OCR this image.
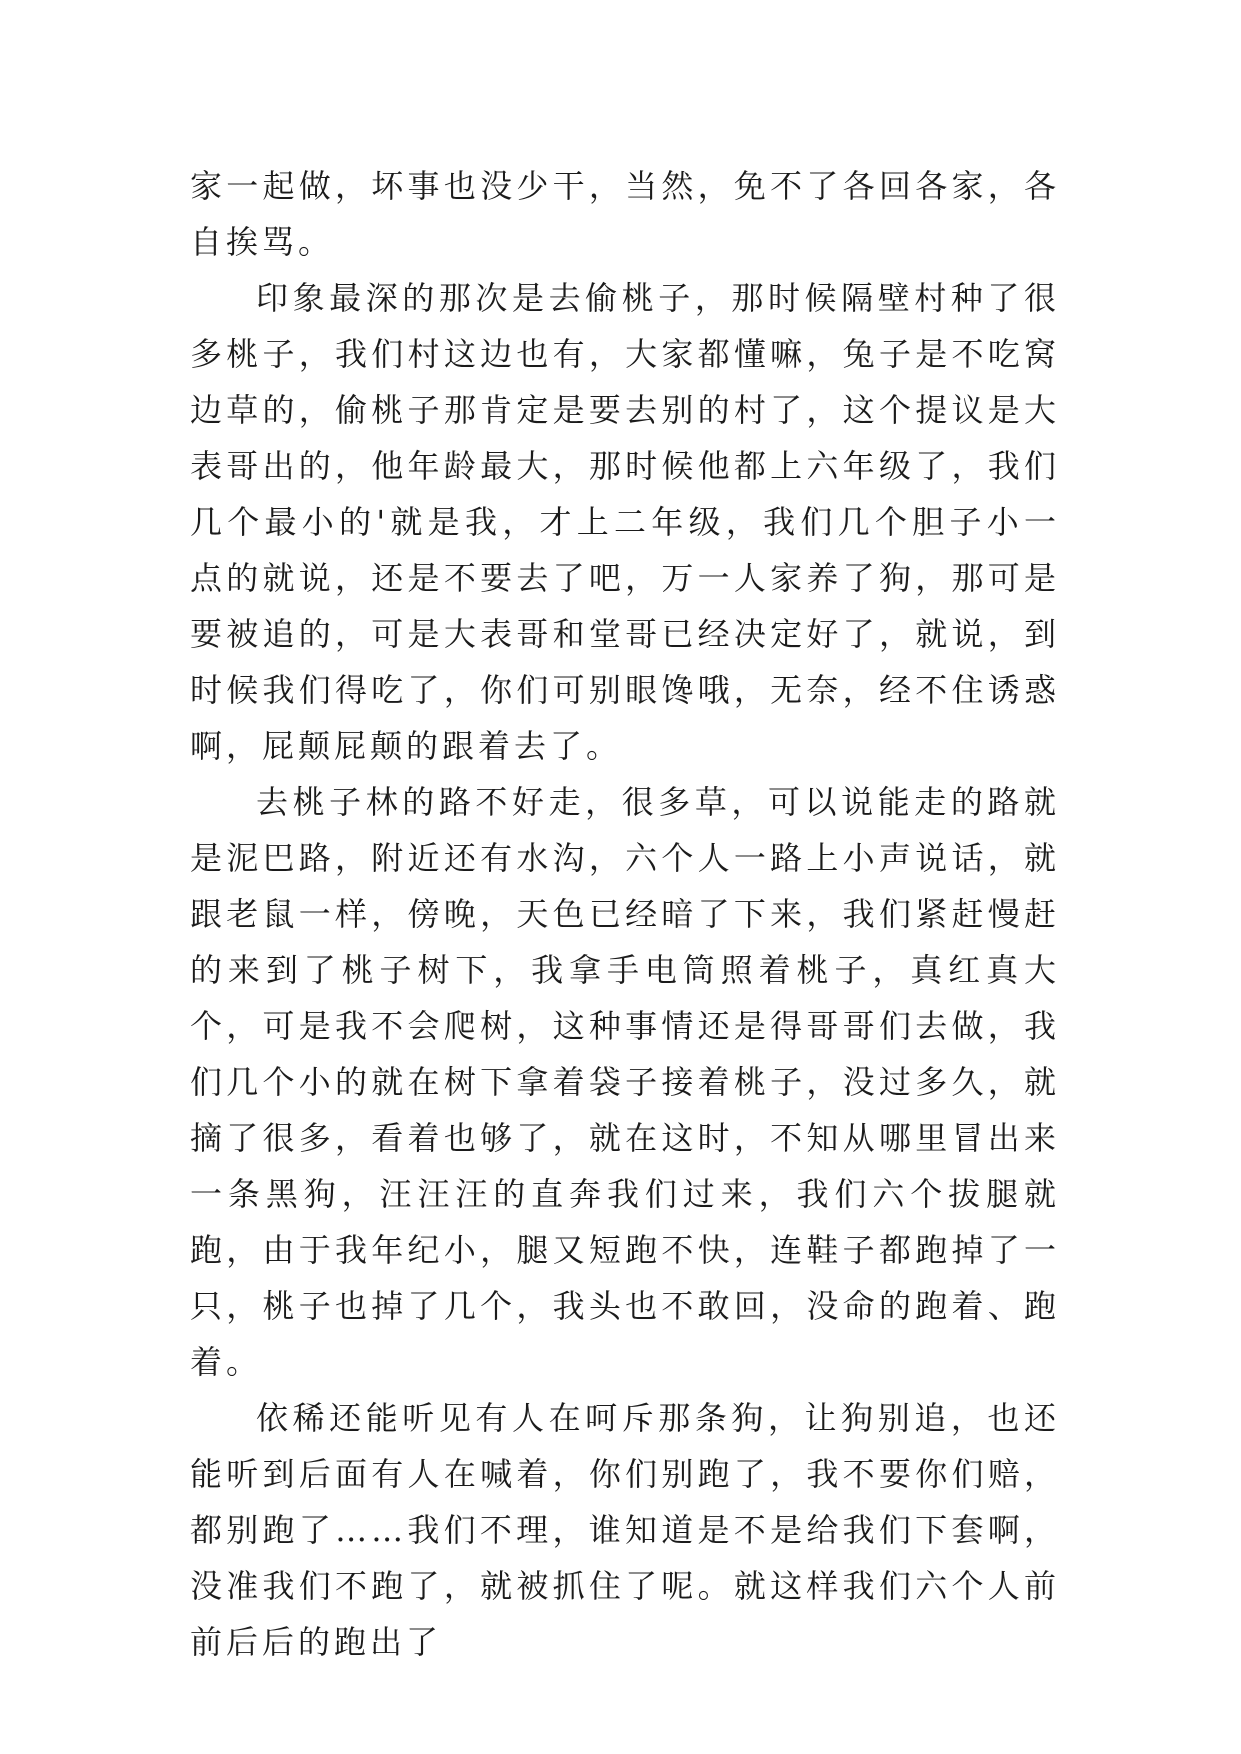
家一起做，坏事也没少干，当然，免不了各回各家，各自挨骂。

印象最深的那次是去偷桃子，那时候隔壁村种了很多桃子，我们村这边也有，大家都懂嘛，兔子是不吃窝边草的，偷桃子那肯定是要去别的村了，这个提议是大表哥出的，他年龄最大，那时候他都上六年级了，我们几个最小的'就是我，才上二年级，我们几个胆子小一点的就说，还是不要去了吧，万一人家养了狗，那可是要被追的，可是大表哥和堂哥已经决定好了，就说，到时候我们得吃了，你们可别眼馋哦，无奈，经不住诱惑啊，屁颠屁颠的跟着去了。

去桃子林的路不好走，很多草，可以说能走的路就是泥巴路，附近还有水沟，六个人一路上小声说话，就跟老鼠一样，傍晚，天色已经暗了下来，我们紧赶慢赶的来到了桃子树下，我拿手电筒照着桃子，真红真大个，可是我不会爬树，这种事情还是得哥哥们去做，我们几个小的就在树下拿着袋子接着桃子，没过多久，就摘了很多，看着也够了，就在这时，不知从哪里冒出来一条黑狗，汪汪汪的直奔我们过来，我们六个拔腿就跑，由于我年纪小，腿又短跑不快，连鞋子都跑掉了一只，桃子也掉了几个，我头也不敢回，没命的跑着、跑着。

依稀还能听见有人在呵斥那条狗，让狗别追，也还能听到后面有人在喊着，你们别跑了，我不要你们赔，都别跑了……我们不理，谁知道是不是给我们下套啊，没准我们不跑了，就被抓住了呢。就这样我们六个人前前后后的跑出了
